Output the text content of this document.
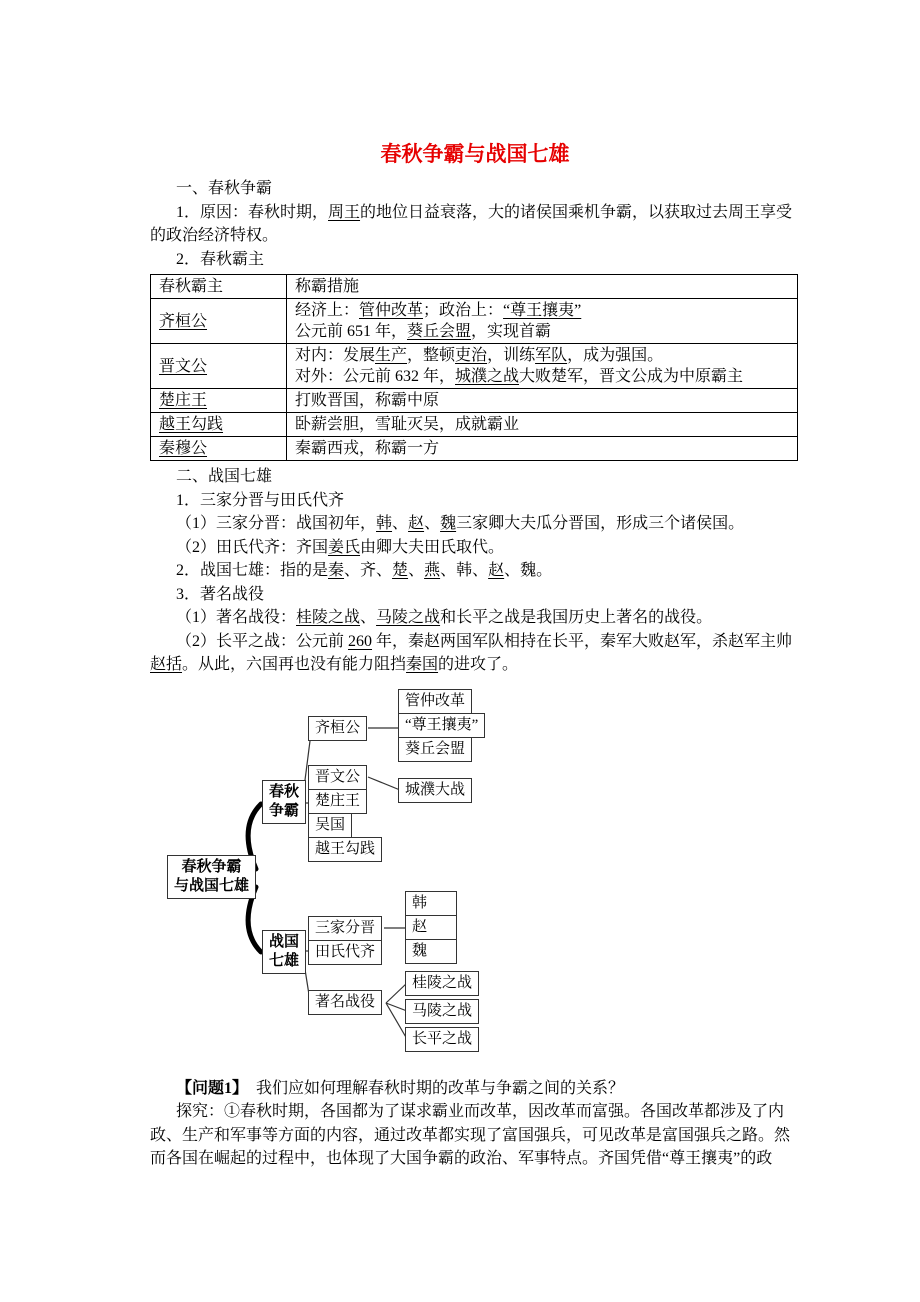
春秋争霸与战国七雄

一、春秋争霸

1．原因：春秋时期，周王的地位日益衰落，大的诸侯国乘机争霸，以获取过去周王享受的政治经济特权。

2．春秋霸主

春秋霸主	称霸措施
齐桓公	经济上：管仲改革；政治上：“尊王攘夷”
公元前 651 年，葵丘会盟，实现首霸

晋文公	对内：发展生产，整顿吏治，训练军队，成为强国。
对外：公元前 632 年，城濮之战大败楚军，晋文公成为中原霸主

楚庄王	打败晋国，称霸中原

越王勾践	卧薪尝胆，雪耻灭吴，成就霸业

秦穆公	秦霸西戎，称霸一方

二、战国七雄

1．三家分晋与田氏代齐

（1）三家分晋：战国初年，韩、赵、魏三家卿大夫瓜分晋国，形成三个诸侯国。

（2）田氏代齐：齐国姜氏由卿大夫田氏取代。

2．战国七雄：指的是秦、齐、楚、燕、韩、赵、魏。

3．著名战役

（1）著名战役：桂陵之战、马陵之战和长平之战是我国历史上著名的战役。

（2）长平之战：公元前 260 年，秦赵两国军队相持在长平，秦军大败赵军，杀赵军主帅赵括。从此，六国再也没有能力阻挡秦国的进攻了。

春秋争霸
与战国七雄
春秋
争霸
战国
七雄
齐桓公
管仲改革
“尊王攘夷”
葵丘会盟
晋文公
楚庄王
吴国
越王勾践
城濮大战
三家分晋
田氏代齐
韩
赵
魏
著名战役
桂陵之战
马陵之战
长平之战

【问题1】　我们应如何理解春秋时期的改革与争霸之间的关系？

探究：①春秋时期，各国都为了谋求霸业而改革，因改革而富强。各国改革都涉及了内政、生产和军事等方面的内容，通过改革都实现了富国强兵，可见改革是富国强兵之路。然而各国在崛起的过程中，也体现了大国争霸的政治、军事特点。齐国凭借“尊王攘夷”的政
